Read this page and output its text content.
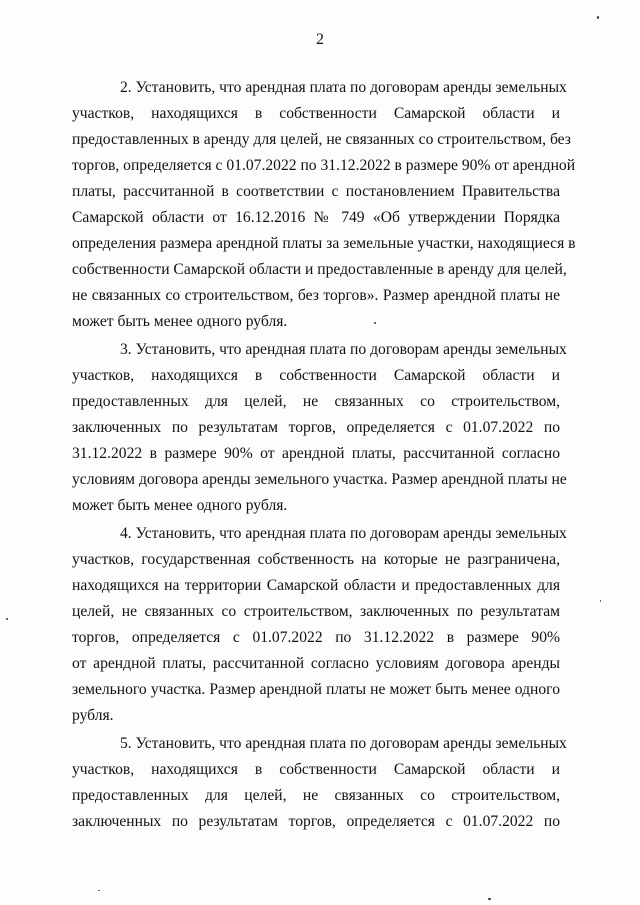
2
2. Установить, что арендная плата по договорам аренды земельных
участков, находящихся в собственности Самарской области и
предоставленных в аренду для целей, не связанных со строительством, без
торгов, определяется с 01.07.2022 по 31.12.2022 в размере 90% от арендной
платы, рассчитанной в соответствии с постановлением Правительства
Самарской области от 16.12.2016 № 749 «Об утверждении Порядка
определения размера арендной платы за земельные участки, находящиеся в
собственности Самарской области и предоставленные в аренду для целей,
не связанных со строительством, без торгов». Размер арендной платы не
может быть менее одного рубля.
3. Установить, что арендная плата по договорам аренды земельных
участков, находящихся в собственности Самарской области и
предоставленных для целей, не связанных со строительством,
заключенных по результатам торгов, определяется с 01.07.2022 по
31.12.2022 в размере 90% от арендной платы, рассчитанной согласно
условиям договора аренды земельного участка. Размер арендной платы не
может быть менее одного рубля.
4. Установить, что арендная плата по договорам аренды земельных
участков, государственная собственность на которые не разграничена,
находящихся на территории Самарской области и предоставленных для
целей, не связанных со строительством, заключенных по результатам
торгов, определяется с 01.07.2022 по 31.12.2022 в размере 90%
от арендной платы, рассчитанной согласно условиям договора аренды
земельного участка. Размер арендной платы не может быть менее одного
рубля.
5. Установить, что арендная плата по договорам аренды земельных
участков, находящихся в собственности Самарской области и
предоставленных для целей, не связанных со строительством,
заключенных по результатам торгов, определяется с 01.07.2022 по
